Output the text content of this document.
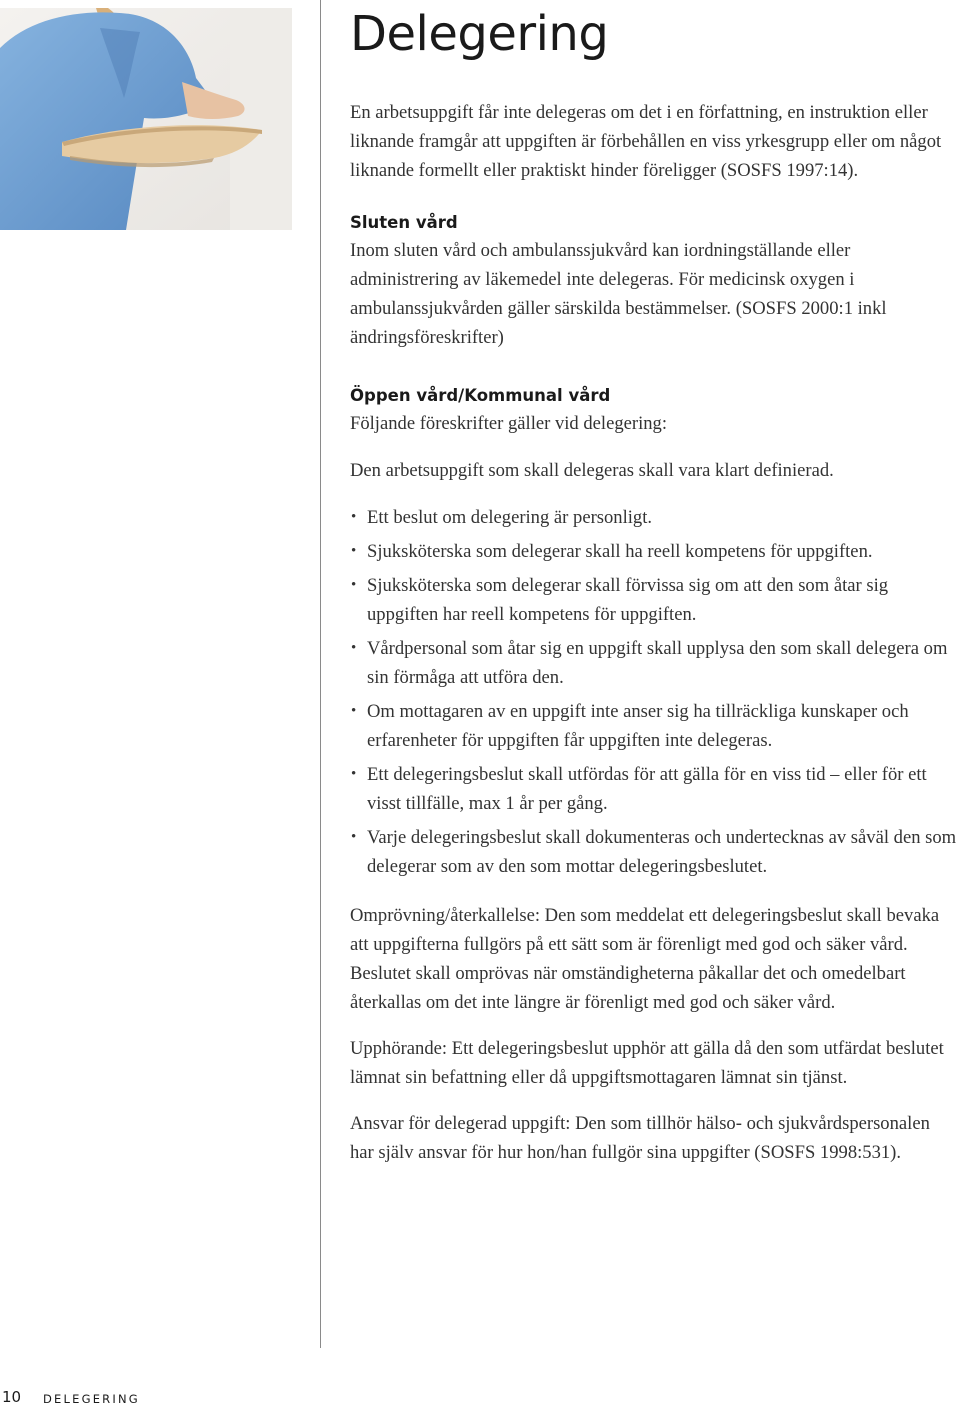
Delegering

En arbetsuppgift får inte delegeras om det i en författning, en instruktion eller liknande framgår att uppgiften är förbehållen en viss yrkesgrupp eller om något liknande formellt eller praktiskt hinder föreligger (SOSFS 1997:14).

Sluten vård

Inom sluten vård och ambulanssjukvård kan iordningställande eller administrering av läkemedel inte delegeras. För medicinsk oxygen i ambulanssjukvården gäller särskilda bestämmelser. (SOSFS 2000:1 inkl ändringsföreskrifter)

Öppen vård/Kommunal vård

Följande föreskrifter gäller vid delegering:

Den arbetsuppgift som skall delegeras skall vara klart definierad.

• Ett beslut om delegering är personligt.
• Sjuksköterska som delegerar skall ha reell kompetens för uppgiften.
• Sjuksköterska som delegerar skall förvissa sig om att den som åtar sig uppgiften har reell kompetens för uppgiften.
• Vårdpersonal som åtar sig en uppgift skall upplysa den som skall delegera om sin förmåga att utföra den.
• Om mottagaren av en uppgift inte anser sig ha tillräckliga kunskaper och erfarenheter för uppgiften får uppgiften inte delegeras.
• Ett delegeringsbeslut skall utfördas för att gälla för en viss tid – eller för ett visst tillfälle, max 1 år per gång.
• Varje delegeringsbeslut skall dokumenteras och undertecknas av såväl den som delegerar som av den som mottar delegeringsbeslutet.

Omprövning/återkallelse: Den som meddelat ett delegeringsbeslut skall bevaka att uppgifterna fullgörs på ett sätt som är förenligt med god och säker vård. Beslutet skall omprövas när omständigheterna påkallar det och omedelbart återkallas om det inte längre är förenligt med god och säker vård.

Upphörande: Ett delegeringsbeslut upphör att gälla då den som utfärdat beslutet lämnat sin befattning eller då uppgiftsmottagaren lämnat sin tjänst.

Ansvar för delegerad uppgift: Den som tillhör hälso- och sjukvårdspersonalen har själv ansvar för hur hon/han fullgör sina uppgifter (SOSFS 1998:531).

10 DELEGERING
